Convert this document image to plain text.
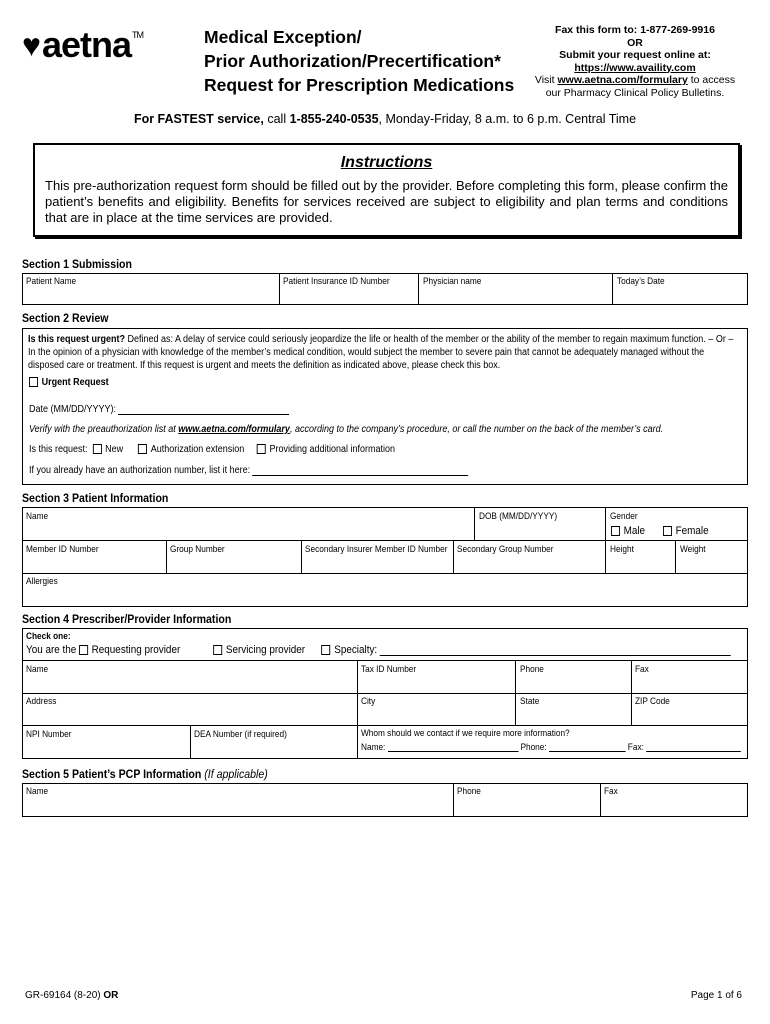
♥ aetna™	Medical Exception/
Prior Authorization/Precertification*
Request for Prescription Medications
Fax this form to: 1-877-269-9916
OR
Submit your request online at:
https://www.availity.com
Visit www.aetna.com/formulary to access
our Pharmacy Clinical Policy Bulletins.
For FASTEST service, call 1-855-240-0535, Monday-Friday, 8 a.m. to 6 p.m. Central Time
Instructions
This pre-authorization request form should be filled out by the provider. Before completing this form, please confirm the patient’s benefits and eligibility. Benefits for services received are subject to eligibility and plan terms and conditions that are in place at the time services are provided.
Section 1 Submission
Patient Name	Patient Insurance ID Number	Physician name	Today’s Date
Section 2 Review
Is this request urgent? Defined as: A delay of service could seriously jeopardize the life or health of the member or the ability of the member to regain maximum function. – Or – In the opinion of a physician with knowledge of the member’s medical condition, would subject the member to severe pain that cannot be adequately managed without the disposed care or treatment. If this request is urgent and meets the definition as indicated above, please check this box.
Urgent Request
Date (MM/DD/YYYY):
Verify with the preauthorization list at www.aetna.com/formulary, according to the company’s procedure, or call the number on the back of the member’s card.
Is this request: New	Authorization extension	Providing additional information
If you already have an authorization number, list it here:
Section 3 Patient Information
Name	DOB (MM/DD/YYYY)	Gender
Male	Female
Member ID Number	Group Number	Secondary Insurer Member ID Number Secondary Group Number	Height	Weight
Allergies
Section 4 Prescriber/Provider Information
Check one:
You are the Requesting provider	Servicing provider	Specialty:
Name	Tax ID Number	Phone	Fax
Address	City	State	ZIP Code
NPI Number	DEA Number (if required)	Whom should we contact if we require more information?
Name:	Phone:	Fax:
Section 5 Patient’s PCP Information (If applicable)
Name	Phone	Fax
GR-69164 (8-20) OR	Page 1 of 6
